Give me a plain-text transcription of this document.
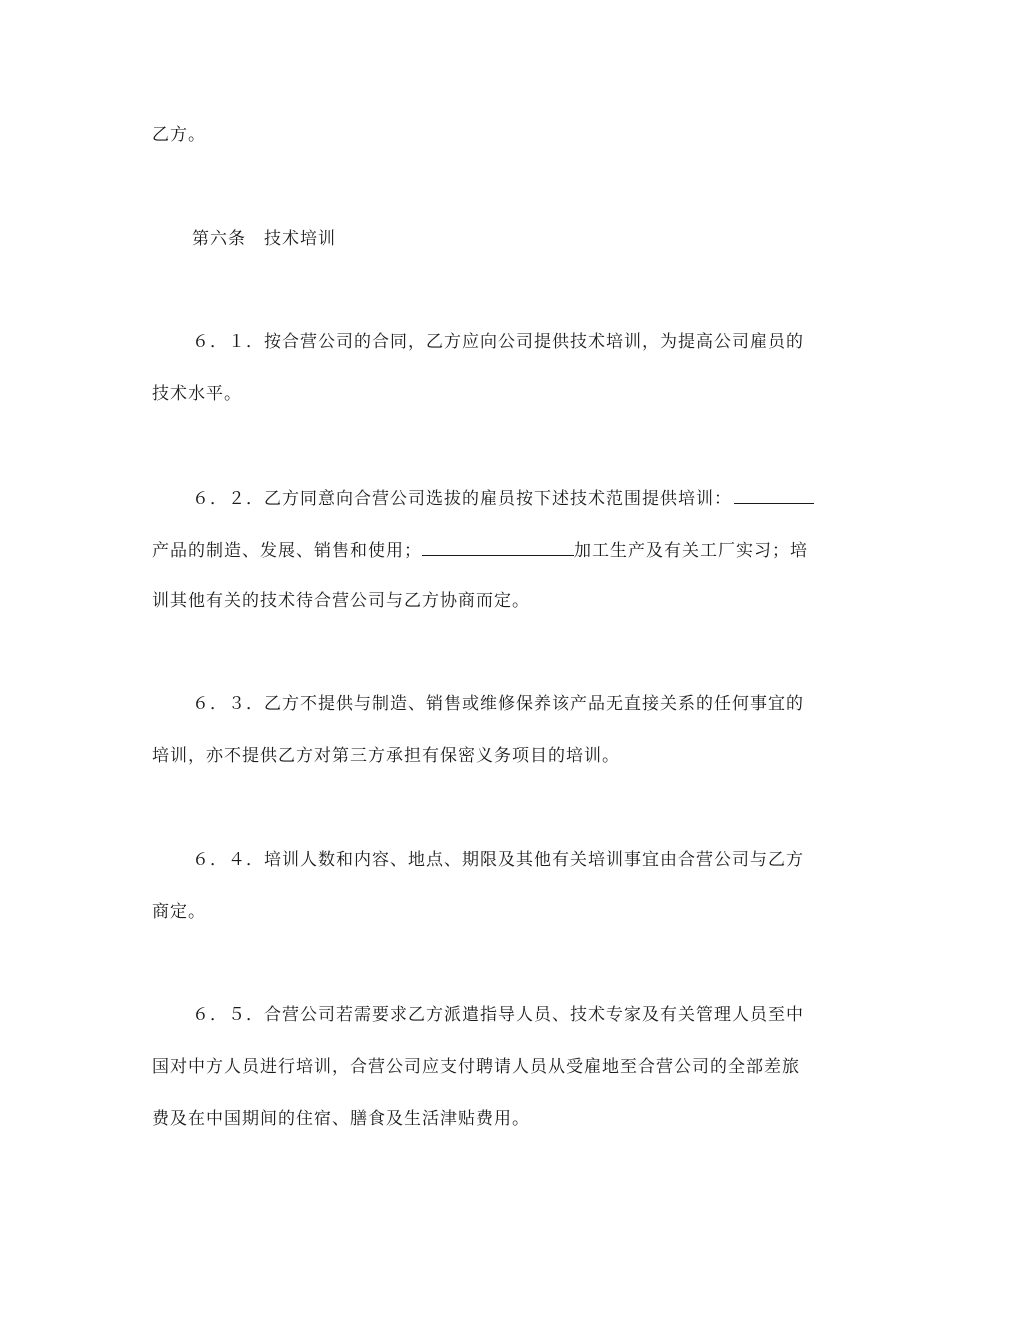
乙方。
第六条　技术培训
６．１．按合营公司的合同，乙方应向公司提供技术培训，为提高公司雇员的
技术水平。
６．２．乙方同意向合营公司选拔的雇员按下述技术范围提供培训：
产品的制造、发展、销售和使用；	加工生产及有关工厂实习；培
训其他有关的技术待合营公司与乙方协商而定。
６．３．乙方不提供与制造、销售或维修保养该产品无直接关系的任何事宜的
培训，亦不提供乙方对第三方承担有保密义务项目的培训。
６．４．培训人数和内容、地点、期限及其他有关培训事宜由合营公司与乙方
商定。
６．５．合营公司若需要求乙方派遣指导人员、技术专家及有关管理人员至中
国对中方人员进行培训，合营公司应支付聘请人员从受雇地至合营公司的全部差旅
费及在中国期间的住宿、膳食及生活津贴费用。
